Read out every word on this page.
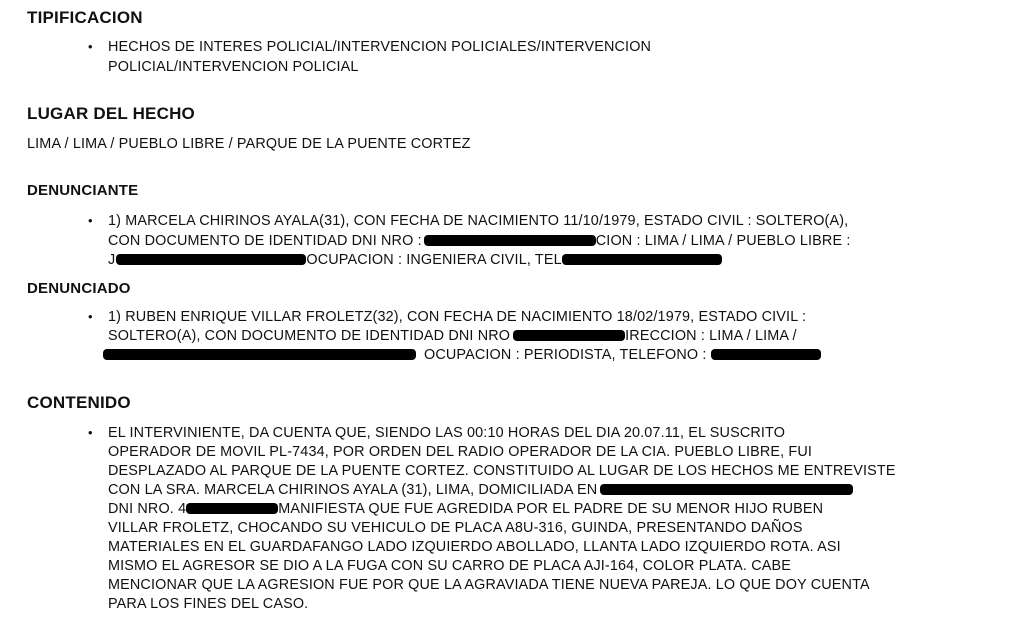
TIPIFICACION
• HECHOS DE INTERES POLICIAL/INTERVENCION POLICIALES/INTERVENCION

POLICIAL/INTERVENCION POLICIAL

LUGAR DEL HECHO

LIMA / LIMA / PUEBLO LIBRE / PARQUE DE LA PUENTE CORTEZ

DENUNCIANTE
• 1) MARCELA CHIRINOS AYALA(31), CON FECHA DE NACIMIENTO 11/10/1979, ESTADO CIVIL : SOLTERO(A),

CON DOCUMENTO DE IDENTIDAD DNI NRO :	CION : LIMA / LIMA / PUEBLO LIBRE :

J	OCUPACION : INGENIERA CIVIL, TEL

DENUNCIADO
• 1) RUBEN ENRIQUE VILLAR FROLETZ(32), CON FECHA DE NACIMIENTO 18/02/1979, ESTADO CIVIL :

SOLTERO(A), CON DOCUMENTO DE IDENTIDAD DNI NRO	IRECCION : LIMA / LIMA /

OCUPACION : PERIODISTA, TELEFONO :

CONTENIDO
• EL INTERVINIENTE, DA CUENTA QUE, SIENDO LAS 00:10 HORAS DEL DIA 20.07.11, EL SUSCRITO

OPERADOR DE MOVIL PL-7434, POR ORDEN DEL RADIO OPERADOR DE LA CIA. PUEBLO LIBRE, FUI

DESPLAZADO AL PARQUE DE LA PUENTE CORTEZ. CONSTITUIDO AL LUGAR DE LOS HECHOS ME ENTREVISTE

CON LA SRA. MARCELA CHIRINOS AYALA (31), LIMA, DOMICILIADA EN

DNI NRO. 4	MANIFIESTA QUE FUE AGREDIDA POR EL PADRE DE SU MENOR HIJO RUBEN

VILLAR FROLETZ, CHOCANDO SU VEHICULO DE PLACA A8U-316, GUINDA, PRESENTANDO DAÑOS

MATERIALES EN EL GUARDAFANGO LADO IZQUIERDO ABOLLADO, LLANTA LADO IZQUIERDO ROTA. ASI

MISMO EL AGRESOR SE DIO A LA FUGA CON SU CARRO DE PLACA AJI-164, COLOR PLATA. CABE

MENCIONAR QUE LA AGRESION FUE POR QUE LA AGRAVIADA TIENE NUEVA PAREJA. LO QUE DOY CUENTA

PARA LOS FINES DEL CASO.
